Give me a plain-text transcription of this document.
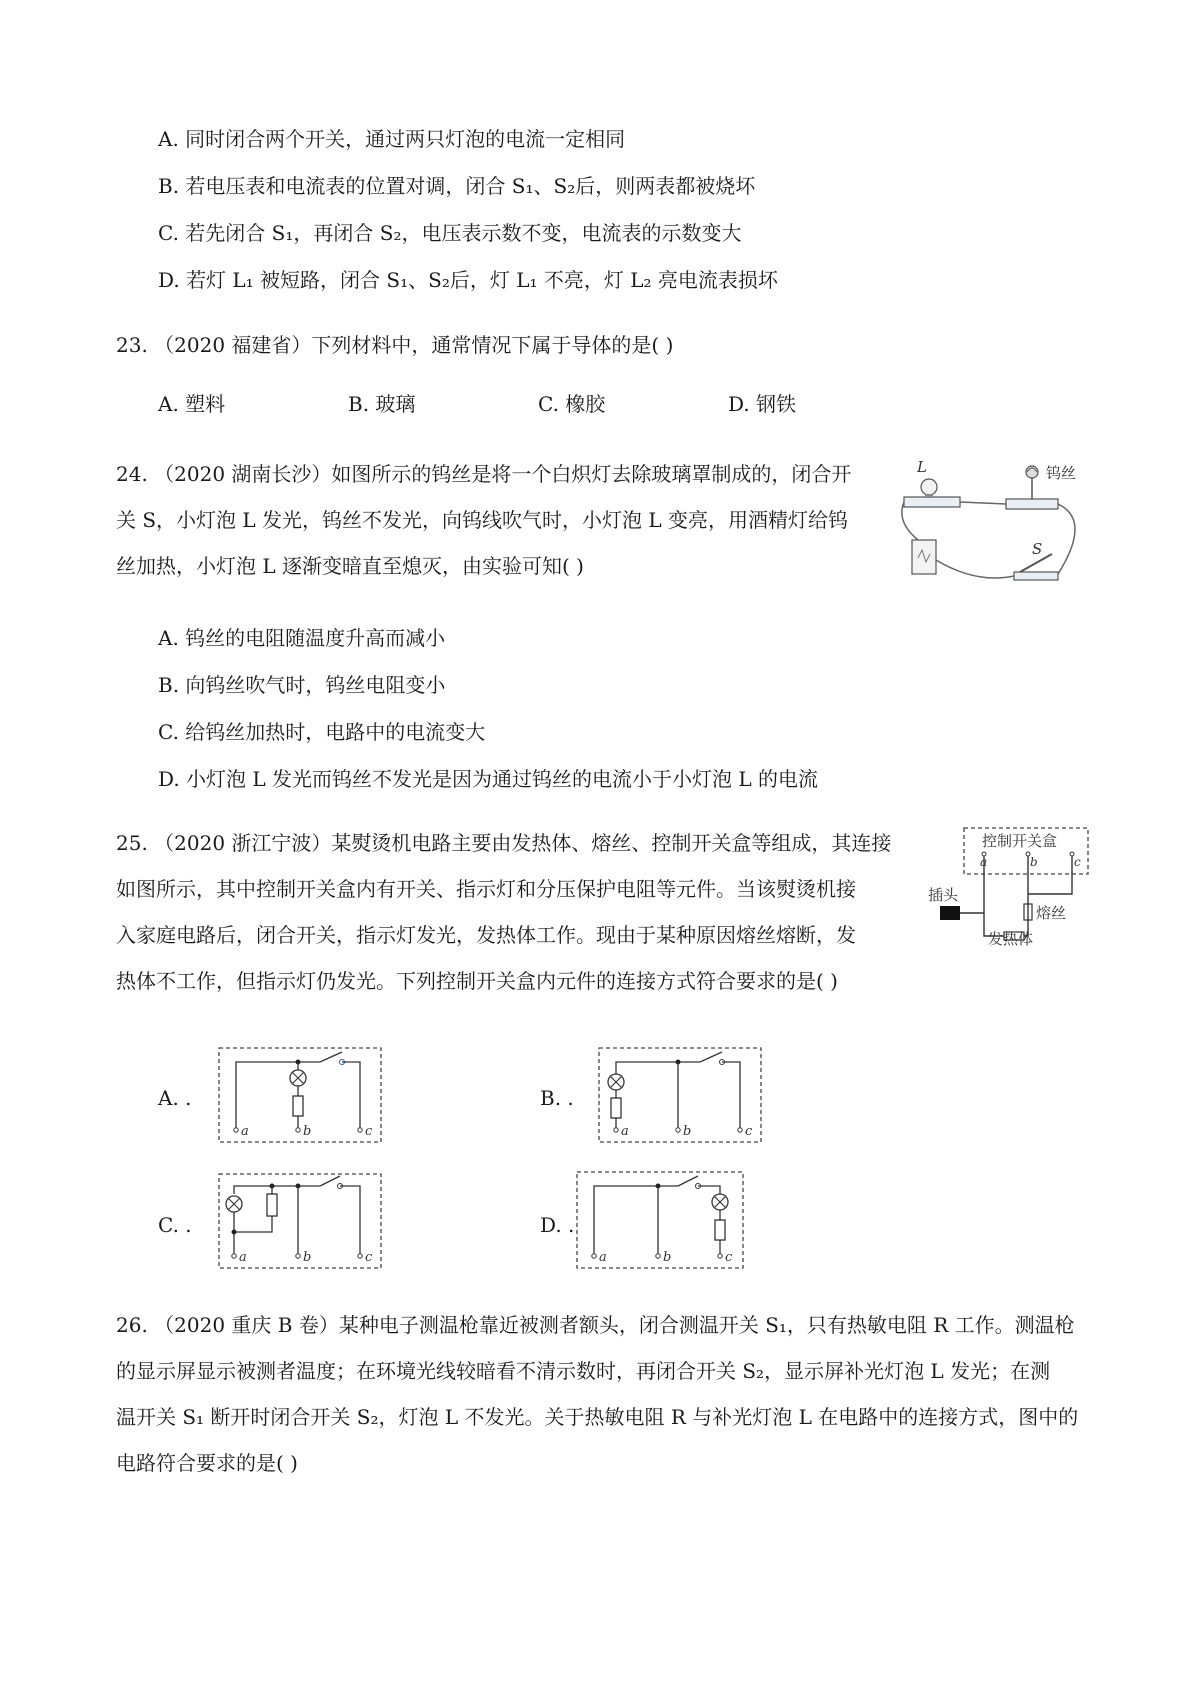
A. 同时闭合两个开关，通过两只灯泡的电流一定相同
B. 若电压表和电流表的位置对调，闭合 S₁、S₂后，则两表都被烧坏
C. 若先闭合 S₁，再闭合 S₂，电压表示数不变，电流表的示数变大
D. 若灯 L₁ 被短路，闭合 S₁、S₂后，灯 L₁ 不亮，灯 L₂ 亮电流表损坏
23. （2020 福建省）下列材料中，通常情况下属于导体的是( )
A. 塑料	B. 玻璃	C. 橡胶	D. 钢铁
24. （2020 湖南长沙）如图所示的钨丝是将一个白炽灯去除玻璃罩制成的，闭合开
关 S，小灯泡 L 发光，钨丝不发光，向钨线吹气时，小灯泡 L 变亮，用酒精灯给钨
丝加热，小灯泡 L 逐渐变暗直至熄灭，由实验可知( )
L	钨丝
S
A. 钨丝的电阻随温度升高而减小
B. 向钨丝吹气时，钨丝电阻变小
C. 给钨丝加热时，电路中的电流变大
D. 小灯泡 L 发光而钨丝不发光是因为通过钨丝的电流小于小灯泡 L 的电流
25. （2020 浙江宁波）某熨烫机电路主要由发热体、熔丝、控制开关盒等组成，其连接
如图所示，其中控制开关盒内有开关、指示灯和分压保护电阻等元件。当该熨烫机接
入家庭电路后，闭合开关，指示灯发光，发热体工作。现由于某种原因熔丝熔断，发
热体不工作，但指示灯仍发光。下列控制开关盒内元件的连接方式符合要求的是( )
控制开关盒
a	b	c
插头
熔丝
发热体
A. .	B. .
C. .	D. .
a	b	c	a	b	c
a	b	c	a	b	c
26. （2020 重庆 B 卷）某种电子测温枪靠近被测者额头，闭合测温开关 S₁，只有热敏电阻 R 工作。测温枪
的显示屏显示被测者温度；在环境光线较暗看不清示数时，再闭合开关 S₂，显示屏补光灯泡 L 发光；在测
温开关 S₁ 断开时闭合开关 S₂，灯泡 L 不发光。关于热敏电阻 R 与补光灯泡 L 在电路中的连接方式，图中的
电路符合要求的是( )
